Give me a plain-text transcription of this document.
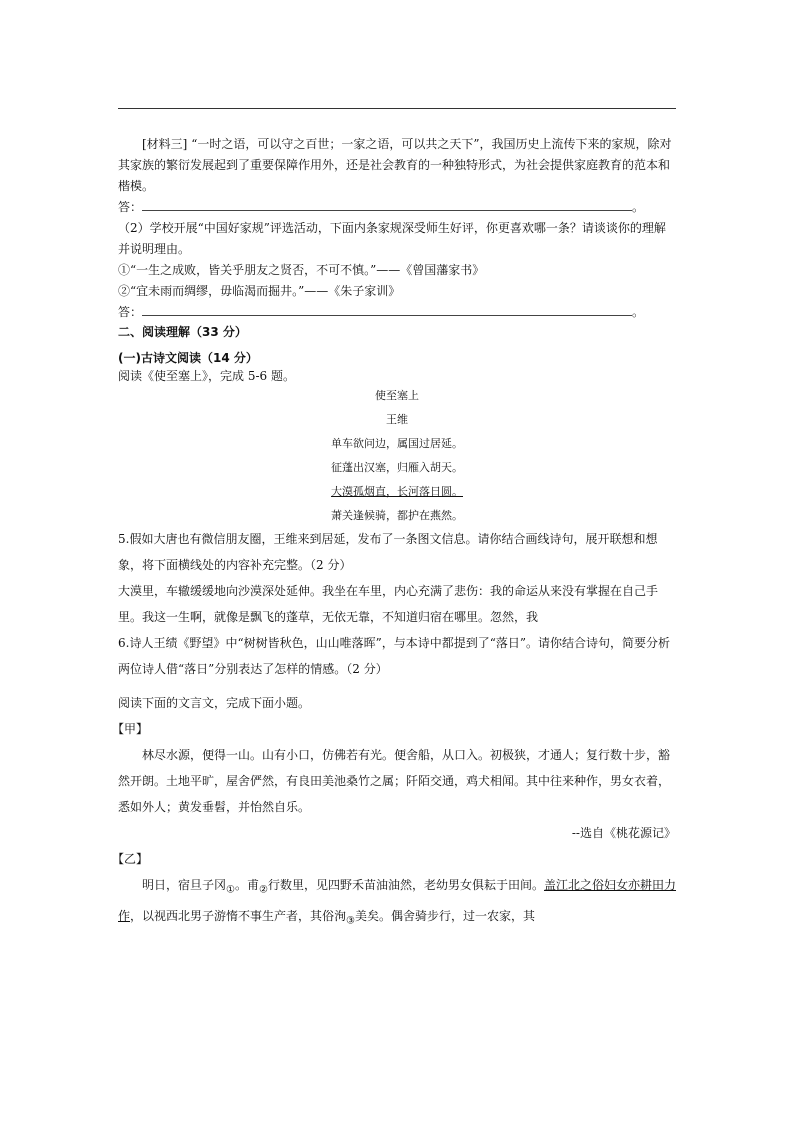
[材料三] “一时之语，可以守之百世；一家之语，可以共之天下”，我国历史上流传下来的家规，除对其家族的繁衍发展起到了重要保障作用外，还是社会教育的一种独特形式，为社会提供家庭教育的范本和楷模。

答：	。

（2）学校开展“中国好家规”评选活动，下面内条家规深受师生好评，你更喜欢哪一条？请谈谈你的理解并说明理由。

①“一生之成败，皆关乎朋友之贤否，不可不慎。”——《曾国藩家书》

②“宜未雨而绸缪，毋临渴而掘井。”——《朱子家训》

答：	。

二、阅读理解（33 分）

(一)古诗文阅读（14 分）

阅读《使至塞上》，完成 5-6 题。

使至塞上
王维
单车欲问边，属国过居延。
征蓬出汉塞，归雁入胡天。
大漠孤烟直，长河落日圆。
萧关逢候骑，都护在燕然。

5.假如大唐也有微信朋友圈，王维来到居延，发布了一条图文信息。请你结合画线诗句，展开联想和想象，将下面横线处的内容补充完整。（2 分）

大漠里，车辙缓缓地向沙漠深处延伸。我坐在车里，内心充满了悲伤：我的命运从来没有掌握在自己手里。我这一生啊，就像是飘飞的蓬草，无依无靠，不知道归宿在哪里。忽然，我

6.诗人王绩《野望》中“树树皆秋色，山山唯落晖”，与本诗中都提到了“落日”。请你结合诗句，简要分析两位诗人借“落日”分别表达了怎样的情感。（2 分）

阅读下面的文言文，完成下面小题。

【甲】

林尽水源，便得一山。山有小口，仿佛若有光。便舍船，从口入。初极狭，才通人；复行数十步，豁然开朗。土地平旷，屋舍俨然，有良田美池桑竹之属；阡陌交通，鸡犬相闻。其中往来种作，男女衣着，悉如外人；黄发垂髫，并怡然自乐。

--选自《桃花源记》

【乙】

明日，宿旦子冈$_①$。甫$_②$行数里，见四野禾苗油油然，老幼男女俱耘于田间。盖江北之俗妇女亦耕田力作，以视西北男子游惰不事生产者，其俗洵$_③$美矣。偶舍骑步行，过一农家，其
